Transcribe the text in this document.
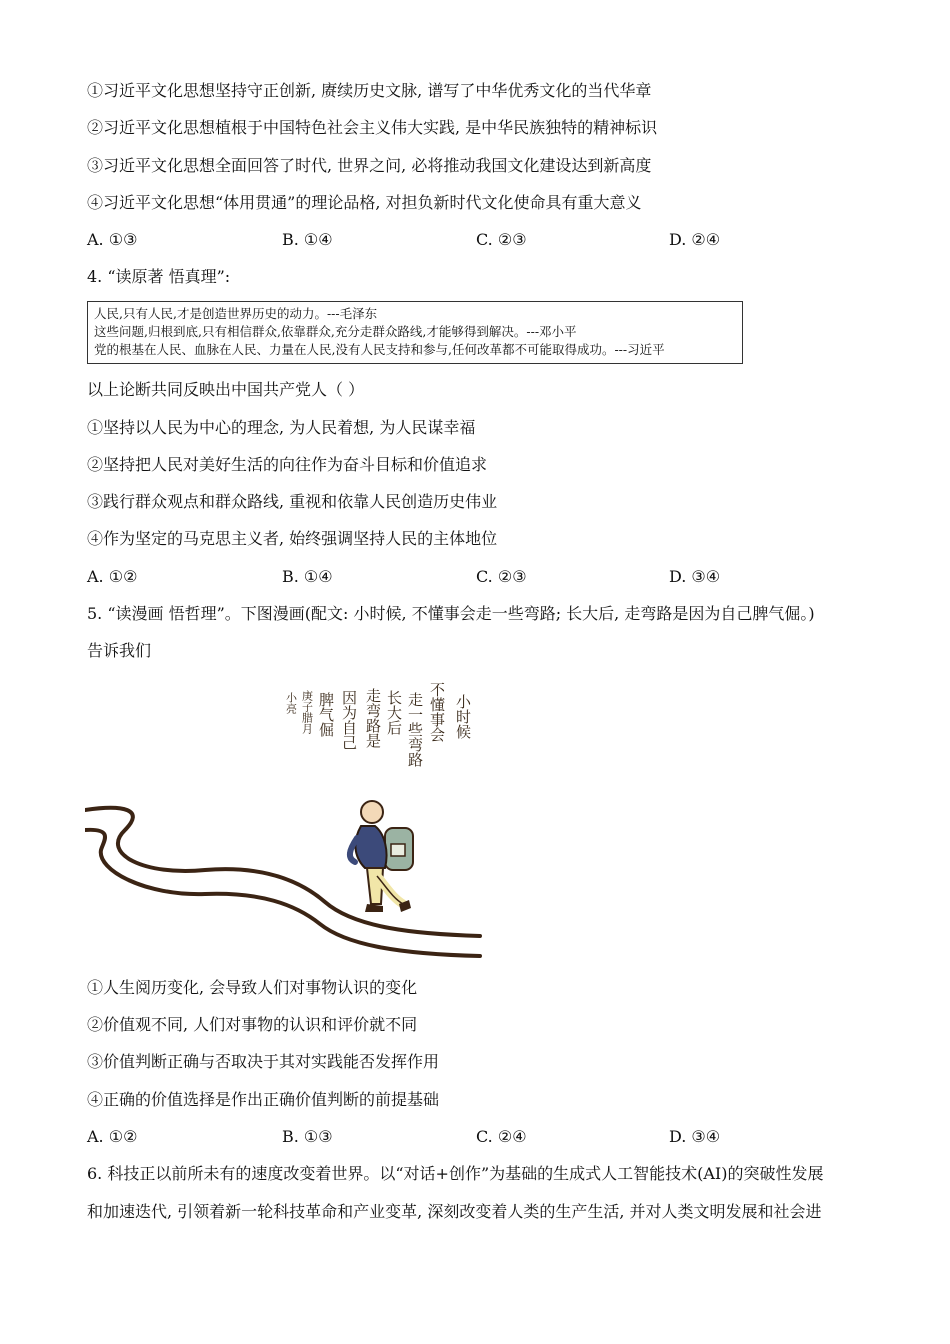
①习近平文化思想坚持守正创新, 赓续历史文脉, 谱写了中华优秀文化的当代华章
②习近平文化思想植根于中国特色社会主义伟大实践, 是中华民族独特的精神标识
③习近平文化思想全面回答了时代, 世界之问, 必将推动我国文化建设达到新高度
④习近平文化思想“体用贯通”的理论品格, 对担负新时代文化使命具有重大意义
A. ①③	B. ①④	C. ②③	D. ②④
4. “读原著 悟真理”:
人民,只有人民,才是创造世界历史的动力。---毛泽东
这些问题,归根到底,只有相信群众,依靠群众,充分走群众路线,才能够得到解决。---邓小平
党的根基在人民、血脉在人民、力量在人民,没有人民支持和参与,任何改革都不可能取得成功。---习近平
以上论断共同反映出中国共产党人（ ）
①坚持以人民为中心的理念, 为人民着想, 为人民谋幸福
②坚持把人民对美好生活的向往作为奋斗目标和价值追求
③践行群众观点和群众路线, 重视和依靠人民创造历史伟业
④作为坚定的马克思主义者, 始终强调坚持人民的主体地位
A. ①②	B. ①④	C. ②③	D. ③④
5. “读漫画 悟哲理”。下图漫画(配文: 小时候, 不懂事会走一些弯路; 长大后, 走弯路是因为自己脾气倔。)
告诉我们
小时候
不懂事会
走一些弯路
长大后
走弯路是
因为自己
脾气倔
庚子腊月
小亮
①人生阅历变化, 会导致人们对事物认识的变化
②价值观不同, 人们对事物的认识和评价就不同
③价值判断正确与否取决于其对实践能否发挥作用
④正确的价值选择是作出正确价值判断的前提基础
A. ①②	B. ①③	C. ②④	D. ③④
6. 科技正以前所未有的速度改变着世界。以“对话+创作”为基础的生成式人工智能技术(AI)的突破性发展
和加速迭代, 引领着新一轮科技革命和产业变革, 深刻改变着人类的生产生活, 并对人类文明发展和社会进
